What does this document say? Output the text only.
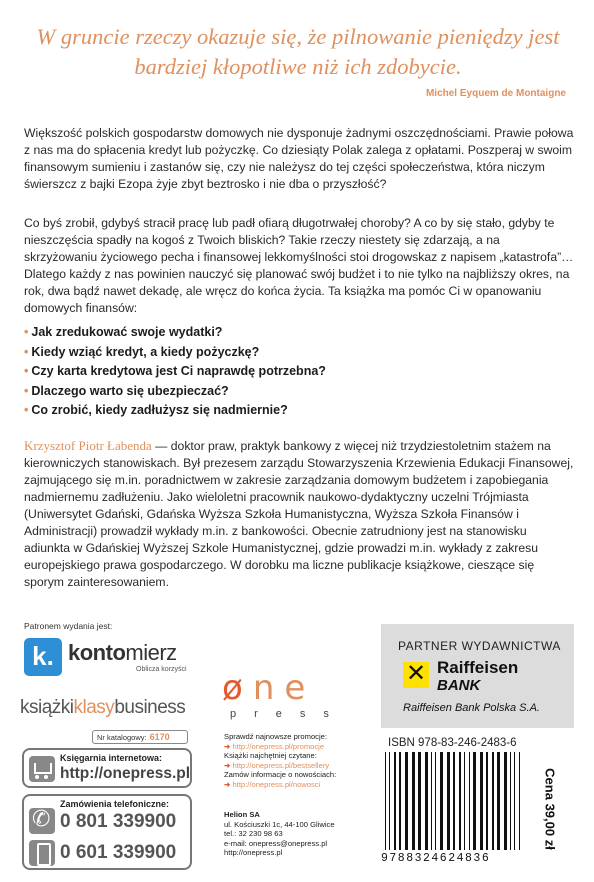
W gruncie rzeczy okazuje się, że pilnowanie pieniędzy jest bardziej kłopotliwe niż ich zdobycie.
Michel Eyquem de Montaigne

Większość polskich gospodarstw domowych nie dysponuje żadnymi oszczędnościami. Prawie połowa z nas ma do spłacenia kredyt lub pożyczkę. Co dziesiąty Polak zalega z opłatami. Poszperaj w swoim finansowym sumieniu i zastanów się, czy nie należysz do tej części społeczeństwa, która niczym świerszcz z bajki Ezopa żyje zbyt beztrosko i nie dba o przyszłość?

Co byś zrobił, gdybyś stracił pracę lub padł ofiarą długotrwałej choroby? A co by się stało, gdyby te nieszczęścia spadły na kogoś z Twoich bliskich? Takie rzeczy niestety się zdarzają, a na skrzyżowaniu życiowego pecha i finansowej lekkomyślności stoi drogowskaz z napisem „katastrofa”… Dlatego każdy z nas powinien nauczyć się planować swój budżet i to nie tylko na najbliższy okres, na rok, dwa bądź nawet dekadę, ale wręcz do końca życia. Ta książka ma pomóc Ci w opanowaniu domowych finansów:

• Jak zredukować swoje wydatki?
• Kiedy wziąć kredyt, a kiedy pożyczkę?
• Czy karta kredytowa jest Ci naprawdę potrzebna?
• Dlaczego warto się ubezpieczać?
• Co zrobić, kiedy zadłużysz się nadmiernie?

Krzysztof Piotr Łabenda — doktor praw, praktyk bankowy z więcej niż trzydziestoletnim stażem na kierowniczych stanowiskach. Był prezesem zarządu Stowarzyszenia Krzewienia Edukacji Finansowej, zajmującego się m.in. poradnictwem w zakresie zarządzania domowym budżetem i zapobiegania nadmiernemu zadłużeniu. Jako wieloletni pracownik naukowo-dydaktyczny uczelni Trójmiasta (Uniwersytet Gdański, Gdańska Wyższa Szkoła Humanistyczna, Wyższa Szkoła Finansów i Administracji) prowadził wykłady m.in. z bankowości. Obecnie zatrudniony jest na stanowisku adiunkta w Gdańskiej Wyższej Szkole Humanistycznej, gdzie prowadzi m.in. wykłady z zakresu europejskiego prawa gospodarczego. W dorobku ma liczne publikacje książkowe, cieszące się sporym zainteresowaniem.

Patronem wydania jest:
k. kontomierz
Oblicza korzyści
książkiklasybusiness
Nr katalogowy: 6170
Księgarnia internetowa:
http://onepress.pl
Zamówienia telefoniczne:
✆
0 801 339900
0 601 339900
øne
press
Sprawdź najnowsze promocje:
➜ http://onepress.pl/promocje
Książki najchętniej czytane:
➜ http://onepress.pl/bestsellery
Zamów informacje o nowościach:
➜ http://onepress.pl/nowosci
Helion SA
ul. Kościuszki 1c, 44-100 Gliwice
tel.: 32 230 98 63
e-mail: onepress@onepress.pl
http://onepress.pl
PARTNER WYDAWNICTWA
✕
Raiffeisen
BANK
Raiffeisen Bank Polska S.A.
ISBN 978-83-246-2483-6
9788324624836
Cena 39,00 zł
